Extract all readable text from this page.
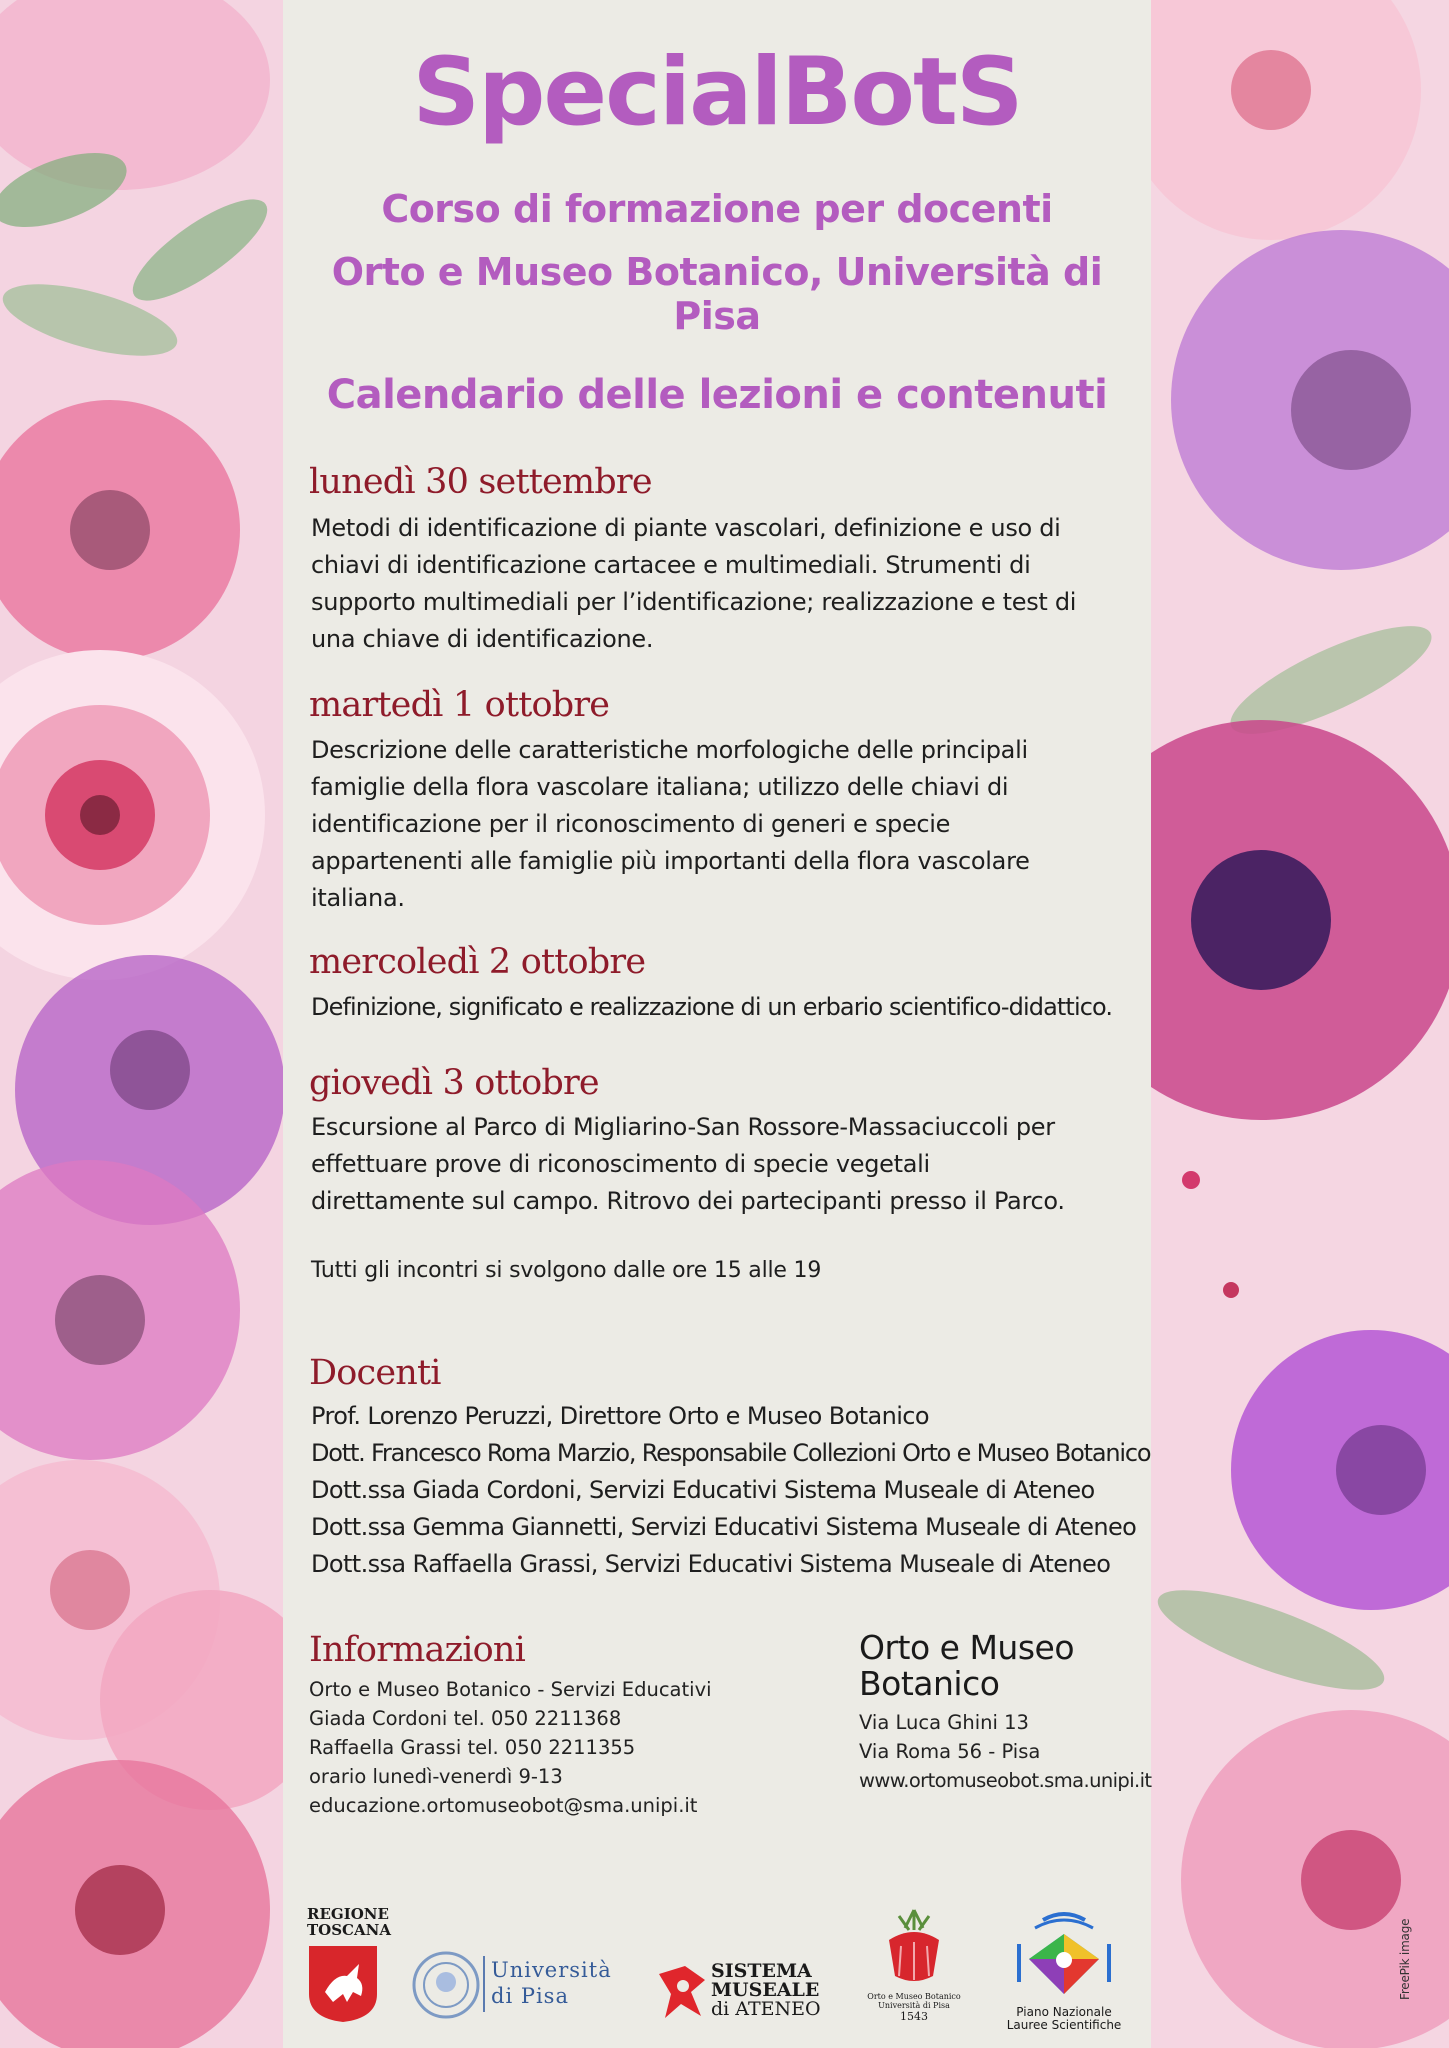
SpecialBotS
Corso di formazione per docenti
Orto e Museo Botanico, Università di Pisa
Calendario delle lezioni e contenuti
lunedì 30 settembre
Metodi di identificazione di piante vascolari, definizione e uso di
chiavi di identificazione cartacee e multimediali. Strumenti di
supporto multimediali per l’identificazione; realizzazione e test di
una chiave di identificazione.
martedì 1 ottobre
Descrizione delle caratteristiche morfologiche delle principali
famiglie della flora vascolare italiana; utilizzo delle chiavi di
identificazione per il riconoscimento di generi e specie
appartenenti alle famiglie più importanti della flora vascolare
italiana.
mercoledì 2 ottobre
Definizione, significato e realizzazione di un erbario scientifico-didattico.
giovedì 3 ottobre
Escursione al Parco di Migliarino-San Rossore-Massaciuccoli per
effettuare prove di riconoscimento di specie vegetali
direttamente sul campo. Ritrovo dei partecipanti presso il Parco.
Tutti gli incontri si svolgono dalle ore 15 alle 19
Docenti
Prof. Lorenzo Peruzzi, Direttore Orto e Museo Botanico
Dott. Francesco Roma Marzio, Responsabile Collezioni Orto e Museo Botanico
Dott.ssa Giada Cordoni, Servizi Educativi Sistema Museale di Ateneo
Dott.ssa Gemma Giannetti, Servizi Educativi Sistema Museale di Ateneo
Dott.ssa Raffaella Grassi, Servizi Educativi Sistema Museale di Ateneo
Informazioni
Orto e Museo Botanico - Servizi Educativi
Giada Cordoni tel. 050 2211368
Raffaella Grassi tel. 050 2211355
orario lunedì-venerdì 9-13
educazione.ortomuseobot@sma.unipi.it
Orto e Museo
Botanico
Via Luca Ghini 13
Via Roma 56 - Pisa
www.ortomuseobot.sma.unipi.it
REGIONE
TOSCANA
Università
di Pisa
SISTEMA
MUSEALE
di ATENEO
Orto e Museo Botanico
Università di Pisa
1543	Piano Nazionale
Lauree Scientifiche
FreePik image
